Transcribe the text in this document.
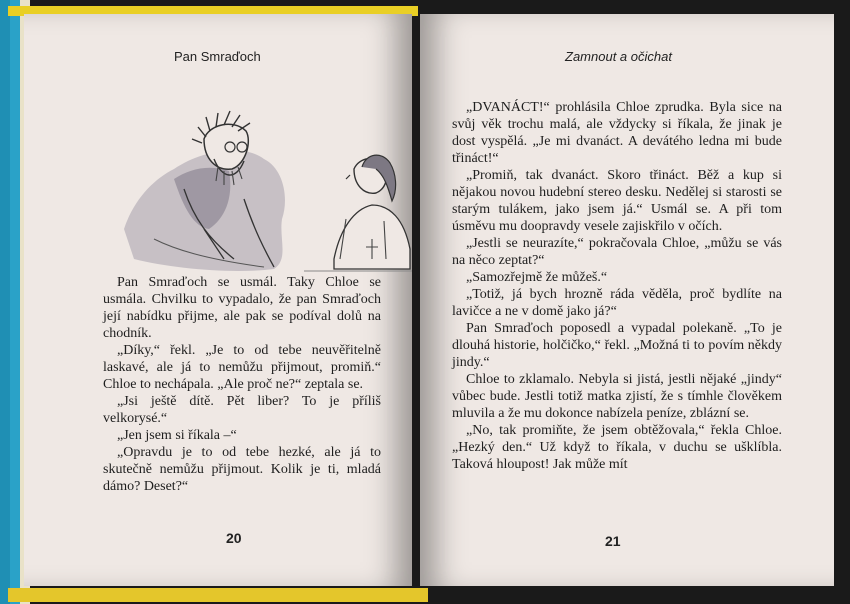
Pan Smraďoch

Pan Smraďoch se usmál. Taky Chloe se usmála. Chvilku to vypadalo, že pan Smraďoch její nabídku přijme, ale pak se podíval dolů na chodník.

„Díky,“ řekl. „Je to od tebe neuvěřitelně laskavé, ale já to nemůžu přijmout, promiň.“ Chloe to nechápala. „Ale proč ne?“ zeptala se.

„Jsi ještě dítě. Pět liber? To je příliš velkorysé.“

„Jen jsem si říkala –“

„Opravdu je to od tebe hezké, ale já to skutečně nemůžu přijmout. Kolik je ti, mladá dámo? Deset?“

20
Zamnout a očichat

„DVANÁCT!“ prohlásila Chloe zprudka. Byla sice na svůj věk trochu malá, ale vždycky si říkala, že jinak je dost vyspělá. „Je mi dvanáct. A devátého ledna mi bude třináct!“

„Promiň, tak dvanáct. Skoro třináct. Běž a kup si nějakou novou hudební stereo desku. Nedělej si starosti se starým tulákem, jako jsem já.“ Usmál se. A při tom úsměvu mu doopravdy vesele zajiskřilo v očích.

„Jestli se neurazíte,“ pokračovala Chloe, „můžu se vás na něco zeptat?“

„Samozřejmě že můžeš.“

„Totiž, já bych hrozně ráda věděla, proč bydlíte na lavičce a ne v domě jako já?“

Pan Smraďoch poposedl a vypadal polekaně. „To je dlouhá historie, holčičko,“ řekl. „Možná ti to povím někdy jindy.“

Chloe to zklamalo. Nebyla si jistá, jestli nějaké „jindy“ vůbec bude. Jestli totiž matka zjistí, že s tímhle člověkem mluvila a že mu dokonce nabízela peníze, zblázní se.

„No, tak promiňte, že jsem obtěžovala,“ řekla Chloe. „Hezký den.“ Už když to říkala, v duchu se ušklíbla. Taková hloupost! Jak může mít

21
